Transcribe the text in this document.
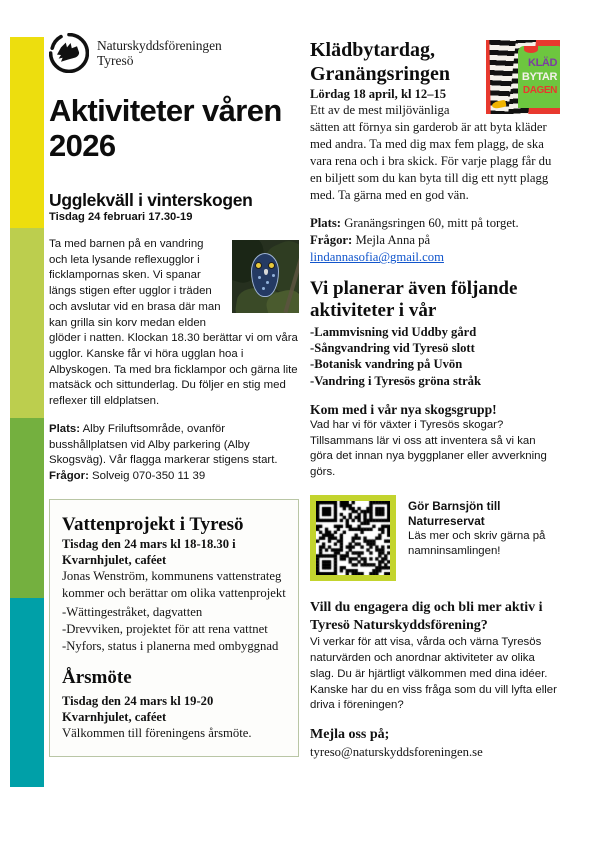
Naturskyddsföreningen
Tyresö
Aktiviteter våren 2026
Ugglekväll i vinterskogen
Tisdag 24 februari 17.30-19
Ta med barnen på en vandring och leta lysande reflexugglor i ficklampornas sken. Vi spanar längs stigen efter ugglor i träden och avslutar vid en brasa där man kan grilla sin korv medan elden glöder i natten. Klockan 18.30 berättar vi om våra ugglor. Kanske får vi höra ugglan hoa i Albyskogen. Ta med bra ficklampor och gärna lite matsäck och sittunderlag. Du följer en stig med reflexer till eldplatsen.
Plats: Alby Friluftsområde, ovanför busshållplatsen vid Alby parkering (Alby Skogsväg). Vår flagga markerar stigens start.
Frågor: Solveig 070-350 11 39
Vattenprojekt i Tyresö
Tisdag den 24 mars kl 18-18.30 i Kvarnhjulet, caféet
Jonas Wenström, kommunens vattenstrateg kommer och berättar om olika vattenprojekt
-Wättingestråket, dagvatten
-Drevviken, projektet för att rena vattnet
-Nyfors, status i planerna med ombyggnad
Årsmöte
Tisdag den 24 mars kl 19-20 Kvarnhjulet, caféet
Välkommen till föreningens årsmöte.
KLÄD
BYTAR
DAGEN
Klädbytardag, Granängsringen
Lördag 18 april, kl 12–15
Ett av de mest miljövänliga sätten att förnya sin garderob är att byta kläder med andra. Ta med dig max fem plagg, de ska vara rena och i bra skick. För varje plagg får du en biljett som du kan byta till dig ett nytt plagg med. Ta gärna med en god vän.
Plats: Granängsringen 60, mitt på torget.
Frågor: Mejla Anna på
lindannasofia@gmail.com
Vi planerar även följande aktiviteter i vår
-Lammvisning vid Uddby gård
-Sångvandring vid Tyresö slott
-Botanisk vandring på Uvön
-Vandring i Tyresös gröna stråk
Kom med i vår nya skogsgrupp!
Vad har vi för växter i Tyresös skogar? Tillsammans lär vi oss att inventera så vi kan göra det innan nya byggplaner eller avverkning görs.
Gör Barnsjön till Naturreservat
Läs mer och skriv gärna på namninsamlingen!
Vill du engagera dig och bli mer aktiv i Tyresö Naturskyddsförening?
Vi verkar för att visa, vårda och värna Tyresös naturvärden och anordnar aktiviteter av olika slag. Du är hjärtligt välkommen med dina idéer. Kanske har du en viss fråga som du vill lyfta eller driva i föreningen?
Mejla oss på;
tyreso@naturskyddsforeningen.se
